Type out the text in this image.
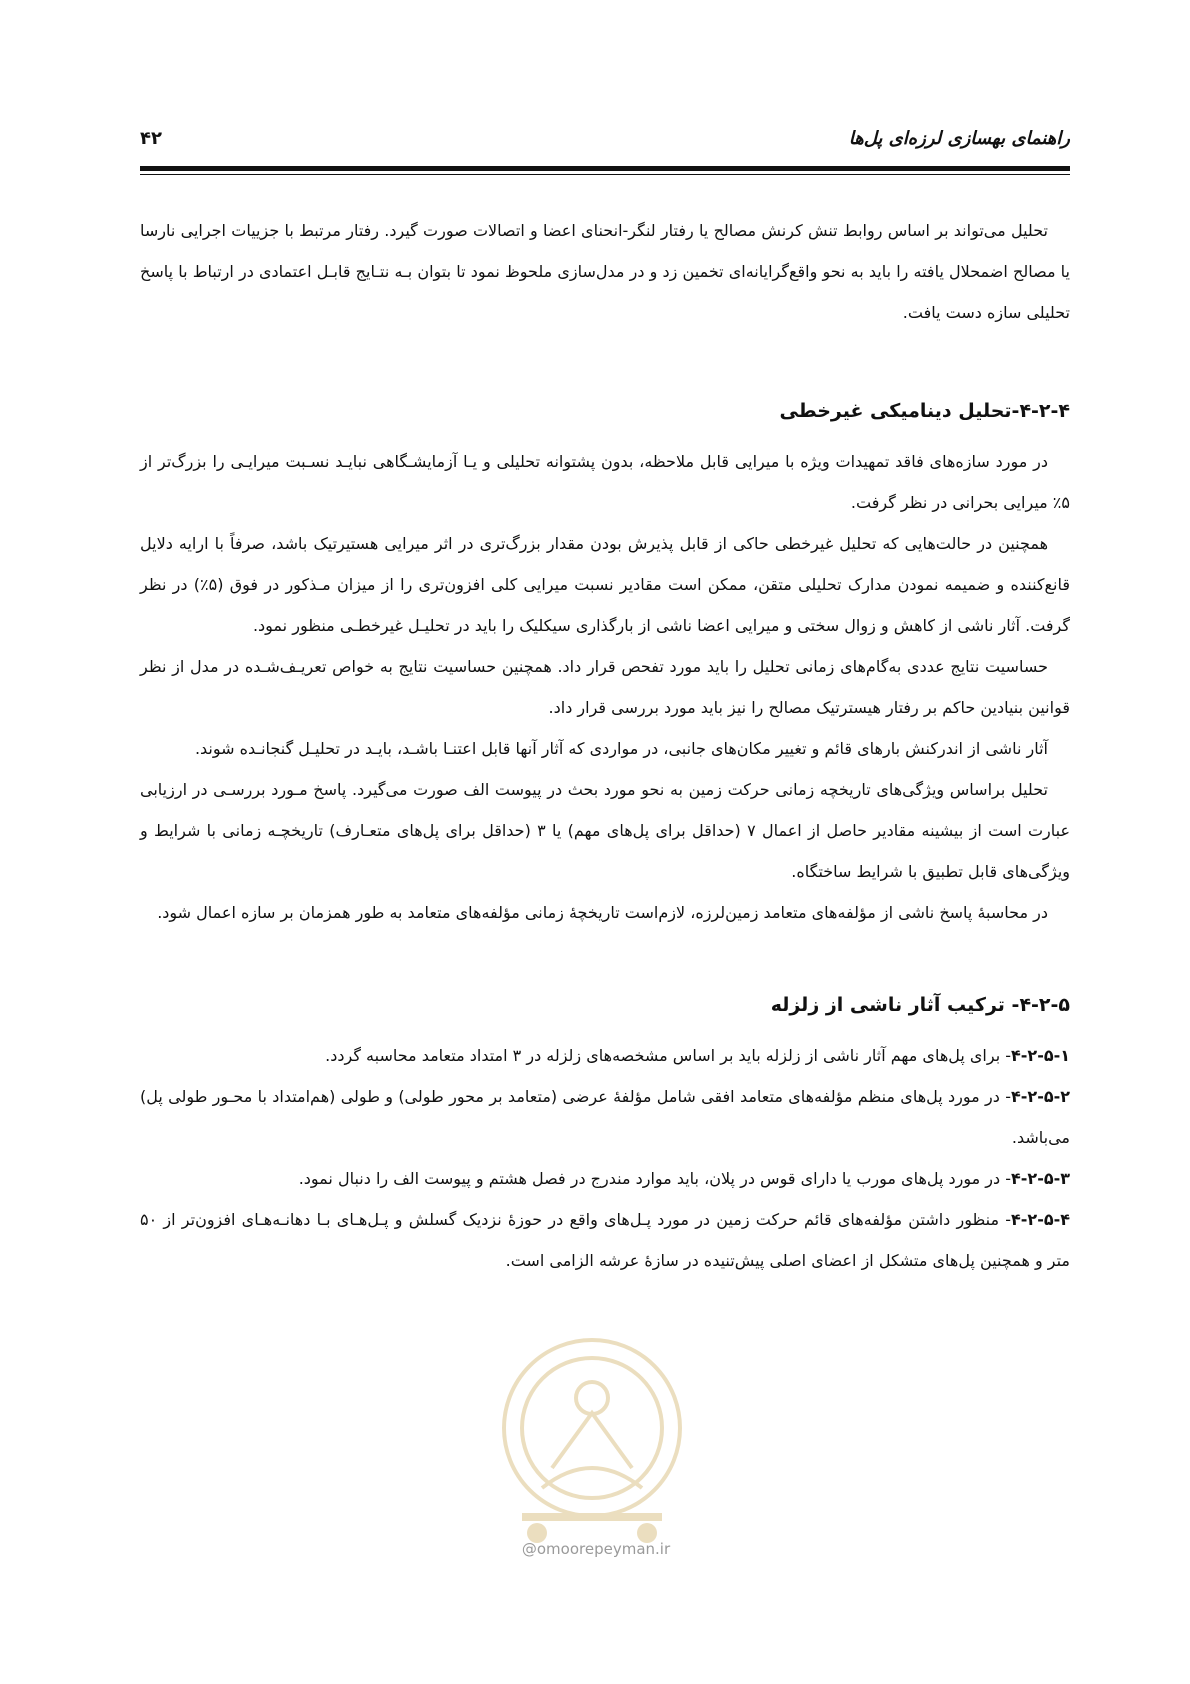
راهنمای بهسازی لرزه‌ای پل‌ها
۴۲

تحلیل می‌تواند بر اساس روابط تنش کرنش مصالح یا رفتار لنگر-انحنای اعضا و اتصالات صورت گیرد. رفتار مرتبط با جزییات اجرایی نارسا یا مصالح اضمحلال یافته را باید به نحو واقع‌گرایانه‌ای تخمین زد و در مدل‌سازی ملحوظ نمود تا بتوان بـه نتـایج قابـل اعتمادی در ارتباط با پاسخ تحلیلی سازه دست یافت.

۴-۲-۴-تحلیل دینامیکی غیرخطی

در مورد سازه‌های فاقد تمهیدات ویژه با میرایی قابل ملاحظه، بدون پشتوانه تحلیلی و یـا آزمایشـگاهی نبایـد نسـبت میرایـی را بزرگ‌تر از ۵٪ میرایی بحرانی در نظر گرفت.

همچنین در حالت‌هایی که تحلیل غیرخطی حاکی از قابل پذیرش بودن مقدار بزرگ‌تری در اثر میرایی هستیرتیک باشد، صرفاً با ارایه دلایل قانع‌کننده و ضمیمه نمودن مدارک تحلیلی متقن، ممکن است مقادیر نسبت میرایی کلی افزون‌تری را از میزان مـذکور در فوق (۵٪) در نظر گرفت. آثار ناشی از کاهش و زوال سختی و میرایی اعضا ناشی از بارگذاری سیکلیک را باید در تحلیـل غیرخطـی منظور نمود.

حساسیت نتایج عددی به‌گام‌های زمانی تحلیل را باید مورد تفحص قرار داد. همچنین حساسیت نتایج به خواص تعریـف‌شـده در مدل از نظر قوانین بنیادین حاکم بر رفتار هیسترتیک مصالح را نیز باید مورد بررسی قرار داد.

آثار ناشی از اندرکنش بارهای قائم و تغییر مکان‌های جانبی، در مواردی که آثار آنها قابل اعتنـا باشـد، بایـد در تحلیـل گنجانـده شوند.

تحلیل براساس ویژگی‌های تاریخچه زمانی حرکت زمین به نحو مورد بحث در پیوست الف صورت می‌گیرد. پاسخ مـورد بررسـی در ارزیابی عبارت است از بیشینه مقادیر حاصل از اعمال ۷ (حداقل برای پل‌های مهم) یا ۳ (حداقل برای پل‌های متعـارف) تاریخچـه زمانی با شرایط و ویژگی‌های قابل تطبیق با شرایط ساختگاه.

در محاسبهٔ پاسخ ناشی از مؤلفه‌های متعامد زمین‌لرزه، لازم‌است تاریخچهٔ زمانی مؤلفه‌های متعامد به طور همزمان بر سازه اعمال شود.

۴-۲-۵- ترکیب آثار ناشی از زلزله

۴-۲-۵-۱- برای پل‌های مهم آثار ناشی از زلزله باید بر اساس مشخصه‌های زلزله در ۳ امتداد متعامد محاسبه گردد.

۴-۲-۵-۲- در مورد پل‌های منظم مؤلفه‌های متعامد افقی شامل مؤلفهٔ عرضی (متعامد بر محور طولی) و طولی (هم‌امتداد با محـور طولی پل) می‌باشد.

۴-۲-۵-۳- در مورد پل‌های مورب یا دارای قوس در پلان، باید موارد مندرج در فصل هشتم و پیوست الف را دنبال نمود.

۴-۲-۵-۴- منظور داشتن مؤلفه‌های قائم حرکت زمین در مورد پـل‌های واقع در حوزهٔ نزدیک گسلش و پـل‌هـای بـا دهانـه‌هـای افزون‌تر از ۵۰ متر و همچنین پل‌های متشکل از اعضای اصلی پیش‌تنیده در سازهٔ عرشه الزامی است.

@omoorepeyman.ir
